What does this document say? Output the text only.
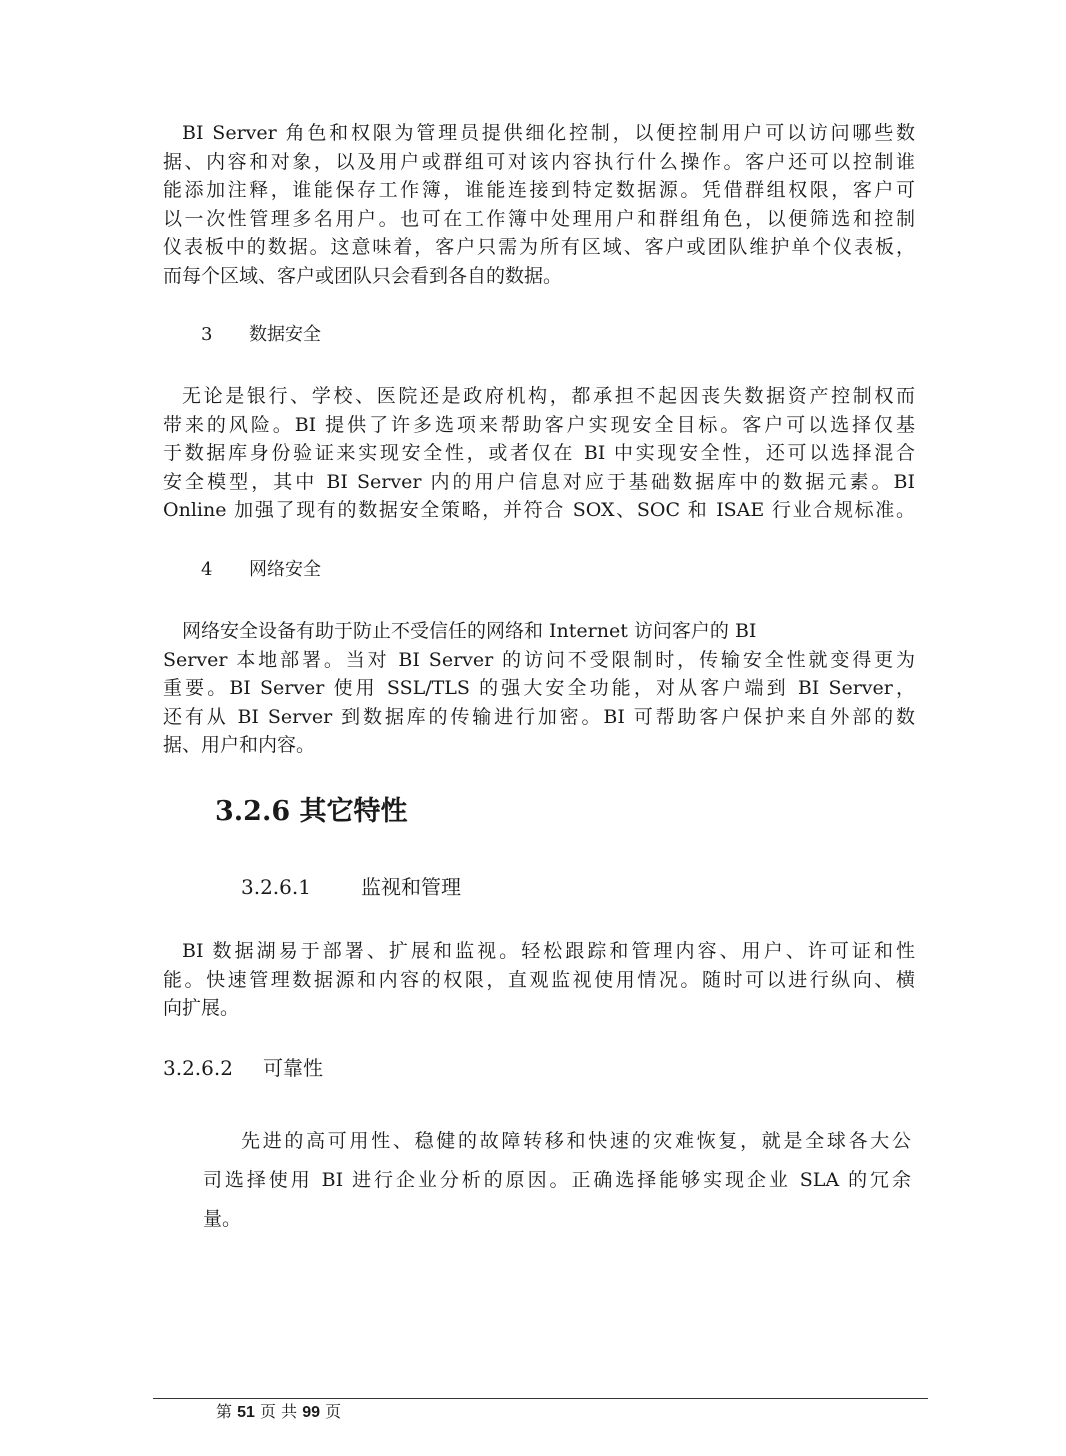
BI Server 角色和权限为管理员提供细化控制，以便控制用户可以访问哪些数
据、内容和对象，以及用户或群组可对该内容执行什么操作。客户还可以控制谁
能添加注释，谁能保存工作簿，谁能连接到特定数据源。凭借群组权限，客户可
以一次性管理多名用户。也可在工作簿中处理用户和群组角色，以便筛选和控制
仪表板中的数据。这意味着，客户只需为所有区域、客户或团队维护单个仪表板，
而每个区域、客户或团队只会看到各自的数据。
3 数据安全
无论是银行、学校、医院还是政府机构，都承担不起因丧失数据资产控制权而
带来的风险。BI 提供了许多选项来帮助客户实现安全目标。客户可以选择仅基
于数据库身份验证来实现安全性，或者仅在 BI 中实现安全性，还可以选择混合
安全模型，其中 BI Server 内的用户信息对应于基础数据库中的数据元素。BI
Online 加强了现有的数据安全策略，并符合 SOX、SOC 和 ISAE 行业合规标准。
4 网络安全
网络安全设备有助于防止不受信任的网络和 Internet 访问客户的 BI
Server 本地部署。当对 BI Server 的访问不受限制时，传输安全性就变得更为
重要。BI Server 使用 SSL/TLS 的强大安全功能，对从客户端到 BI Server，
还有从 BI Server 到数据库的传输进行加密。BI 可帮助客户保护来自外部的数
据、用户和内容。
3.2.6 其它特性
3.2.6.1	监视和管理
BI 数据湖易于部署、扩展和监视。轻松跟踪和管理内容、用户、许可证和性
能。快速管理数据源和内容的权限，直观监视使用情况。随时可以进行纵向、横
向扩展。
3.2.6.2 可靠性
先进的高可用性、稳健的故障转移和快速的灾难恢复，就是全球各大公
司选择使用 BI 进行企业分析的原因。正确选择能够实现企业 SLA 的冗余
量。
第 51 页 共 99 页
